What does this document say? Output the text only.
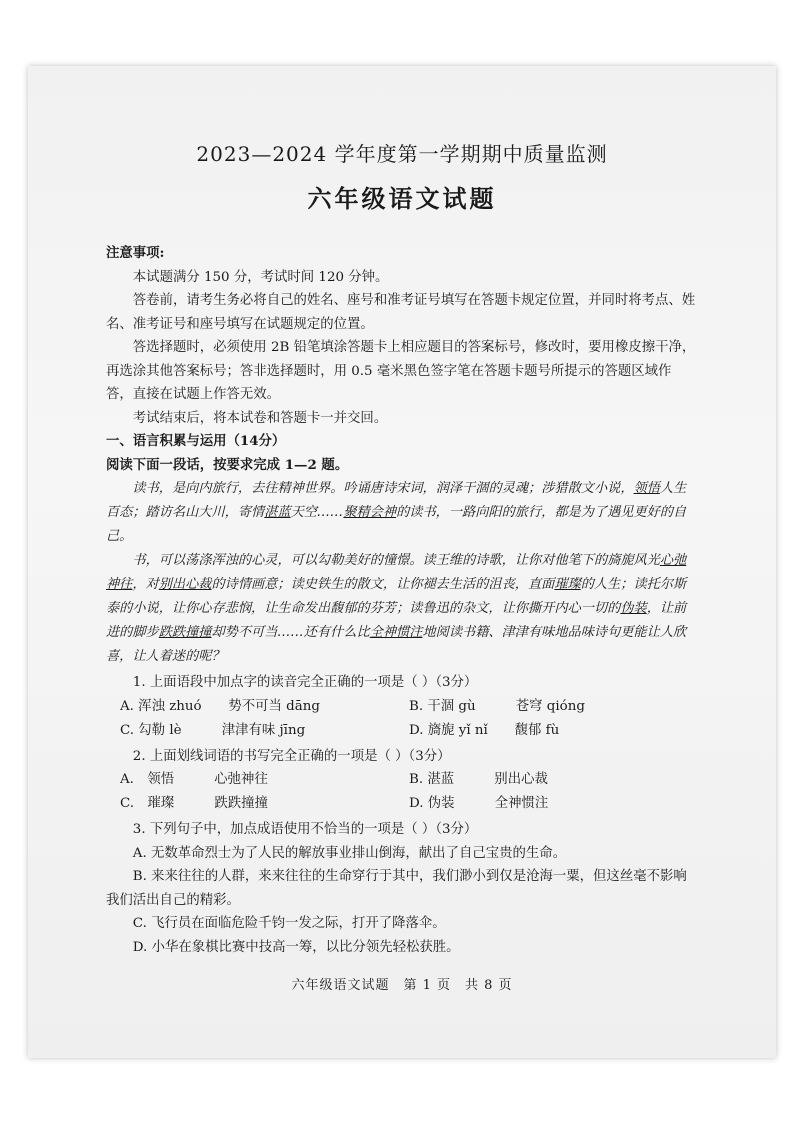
2023—2024 学年度第一学期期中质量监测
六年级语文试题

注意事项:

本试题满分 150 分，考试时间 120 分钟。

答卷前，请考生务必将自己的姓名、座号和准考证号填写在答题卡规定位置，并同时将考点、姓名、准考证号和座号填写在试题规定的位置。

答选择题时，必须使用 2B 铅笔填涂答题卡上相应题目的答案标号，修改时，要用橡皮擦干净，再选涂其他答案标号；答非选择题时，用 0.5 毫米黑色签字笔在答题卡题号所提示的答题区域作答，直接在试题上作答无效。

考试结束后，将本试卷和答题卡一并交回。

一、语言积累与运用（14分）

阅读下面一段话，按要求完成 1—2 题。

读书，是向内旅行，去往精神世界。吟诵唐诗宋词，润泽干涸的灵魂；涉猎散文小说，领悟人生百态；踏访名山大川，寄情湛蓝天空……聚精会神的读书，一路向阳的旅行，都是为了遇见更好的自己。

书，可以荡涤浑浊的心灵，可以勾勒美好的憧憬。读王维的诗歌，让你对他笔下的旖旎风光心弛神往，对别出心裁的诗情画意；读史铁生的散文，让你褪去生活的沮丧，直面璀璨的人生；读托尔斯泰的小说，让你心存悲悯，让生命发出馥郁的芬芳；读鲁迅的杂文，让你撕开内心一切的伪装，让前进的脚步跌跌撞撞却势不可当……还有什么比全神惯注地阅读书籍、津津有味地品味诗句更能让人欣喜，让人着迷的呢？

1. 上面语段中加点字的读音完全正确的一项是（ ）（3分）

A. 浑浊 zhuó　　势不可当 dāng	B. 干涸 gù　　　苍穹 qióng
C. 勾勒 lè　　　津津有味 jīng	D. 旖旎 yǐ nǐ　　馥郁 fù

2. 上面划线词语的书写完全正确的一项是（ ）（3分）

A.　领悟　　　心弛神往	B. 湛蓝　　　别出心裁
C.　璀璨　　　跌跌撞撞	D. 伪装　　　全神惯注

3. 下列句子中，加点成语使用不恰当的一项是（ ）（3分）

A. 无数革命烈士为了人民的解放事业排山倒海，献出了自己宝贵的生命。

B. 来来往往的人群，来来往往的生命穿行于其中，我们渺小到仅是沧海一粟，但这丝毫不影响我们活出自己的精彩。

C. 飞行员在面临危险千钧一发之际，打开了降落伞。

D. 小华在象棋比赛中技高一筹，以比分领先轻松获胜。

六年级语文试题　第 1 页　共 8 页
